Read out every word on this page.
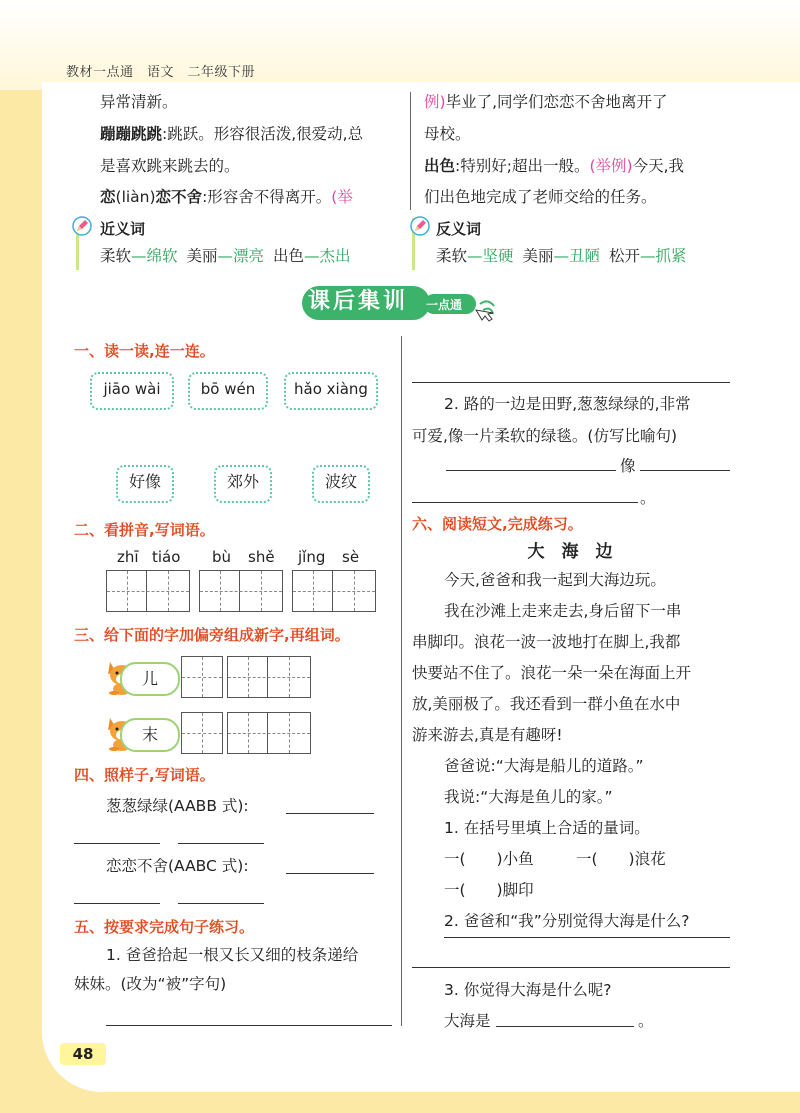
教材一点通　语文　二年级下册
48
异常清新。
蹦蹦跳跳:跳跃。形容很活泼,很爱动,总
是喜欢跳来跳去的。
恋(liàn)恋不舍:形容舍不得离开。(举
例)毕业了,同学们恋恋不舍地离开了
母校。
出色:特别好;超出一般。(举例)今天,我
们出色地完成了老师交给的任务。
近义词
柔软—绵软 美丽—漂亮 出色—杰出
反义词
柔软—坚硬 美丽—丑陋 松开—抓紧
课后集训	一点通
一、读一读,连一连。
jiāo wài	bō wén	hǎo xiàng
好像	郊外	波纹
二、看拼音,写词语。
zhī tiáo bù shě jǐng sè
三、给下面的字加偏旁组成新字,再组词。
儿
末
四、照样子,写词语。
葱葱绿绿(AABB 式):
恋恋不舍(AABC 式):
五、按要求完成句子练习。
1. 爸爸拾起一根又长又细的枝条递给
妹妹。(改为“被”字句)
2. 路的一边是田野,葱葱绿绿的,非常
可爱,像一片柔软的绿毯。(仿写比喻句)
像
。
六、阅读短文,完成练习。
大　海　边
今天,爸爸和我一起到大海边玩。
我在沙滩上走来走去,身后留下一串
串脚印。浪花一波一波地打在脚上,我都
快要站不住了。浪花一朵一朵在海面上开
放,美丽极了。我还看到一群小鱼在水中
游来游去,真是有趣呀!
爸爸说:“大海是船儿的道路。”
我说:“大海是鱼儿的家。”
1. 在括号里填上合适的量词。
一(　　)小鱼	一(　　)浪花
一(　　)脚印
2. 爸爸和“我”分别觉得大海是什么?
3. 你觉得大海是什么呢?
大海是	。
